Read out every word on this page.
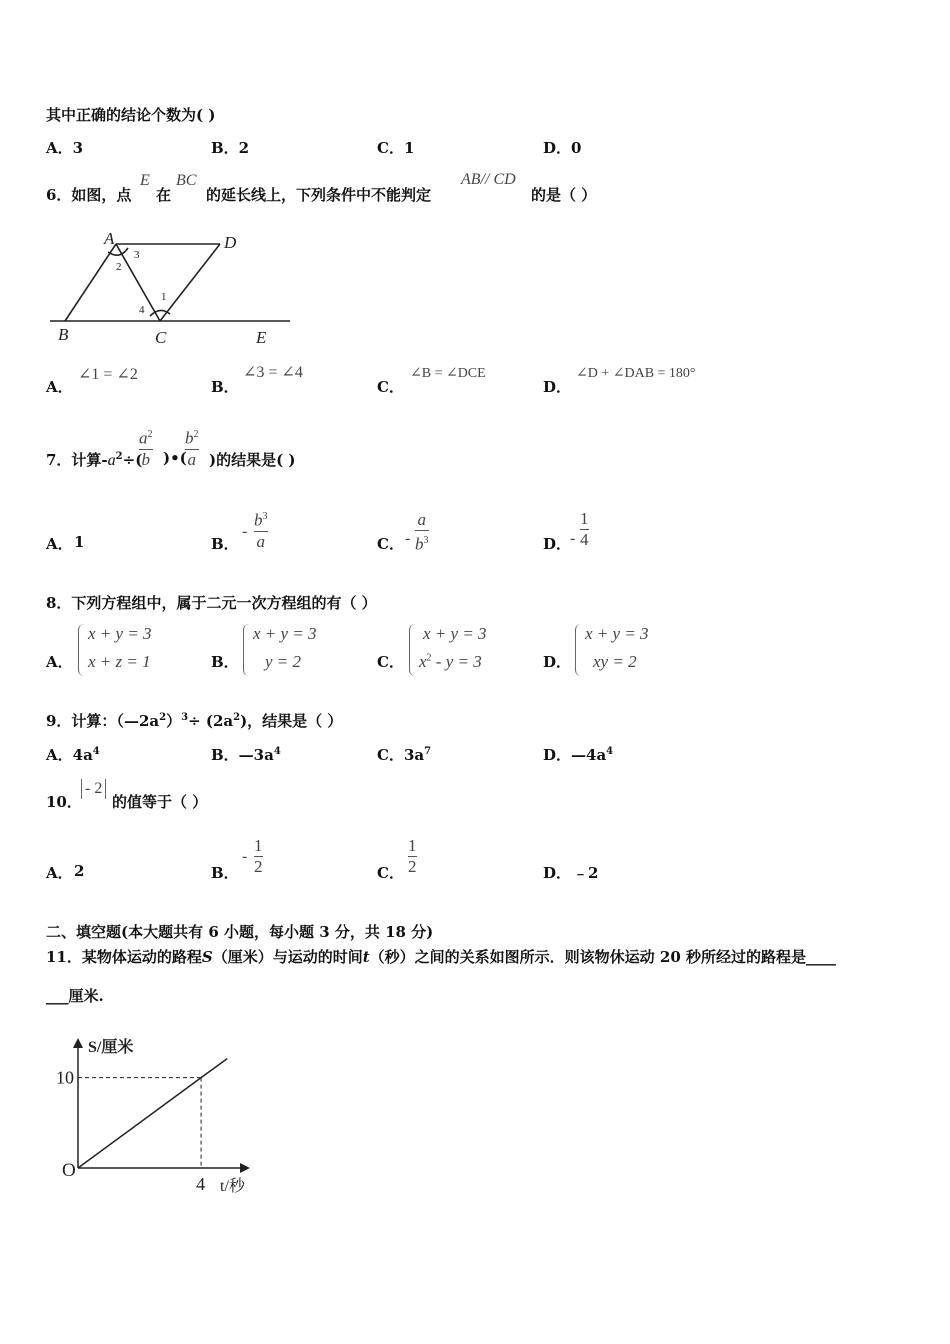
其中正确的结论个数为( )
A．3	B．2	C．1	D．0
6．如图，点
E
在
BC
的延长线上，下列条件中不能判定
AB// CD
的是（ ）
A	D
B	C	E
1
2
3
4
A．
∠1 = ∠2
B．
∠3 = ∠4
C．
∠B = ∠DCE
D．
∠D + ∠DAB = 180°
7．计算$-a^2\div$(
$a^2$
b )•(
$b^2$
a )的结果是( )
A． 1	B．
-
$b^3$
a	C． -
a
$b^3$	D．
-
1
4
8．下列方程组中，属于二元一次方程组的有（ ）
A．
x + y = 3
x + z = 1	B．
x + y = 3
y = 2	C．
x + y = 3
$x^2 - y = 3$	D．
x + y = 3
xy = 2
9．计算：$(—2a^2)^3\div (2a^2)$，结果是（ ）
A．$4a^4$	B．$—3a^4$	C．$3a^7$	D．$—4a^4$
10．
- 2
的值等于（ ）
A． 2	B．
-
1
2	C．
1
2	D． ﹣2
二、填空题(本大题共有 6 小题，每小题 3 分，共 18 分)
11．某物体运动的路程S（厘米）与运动的时间t（秒）之间的关系如图所示．则该物休运动 20 秒所经过的路程是____
___厘米.
S/厘米
t/秒
O
10
4
